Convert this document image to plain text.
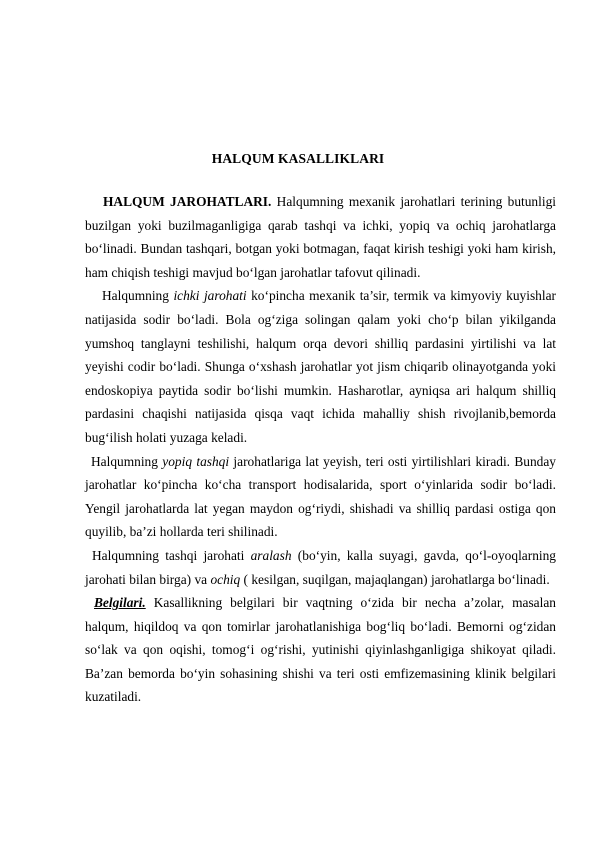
HALQUM KASALLIKLARI

HALQUM JAROHATLARI. Halqumning mexanik jarohatlari terining butunligi buzilgan yoki buzilmaganligiga qarab tashqi va ichki, yopiq va ochiq jarohatlarga bo‘linadi. Bundan tashqari, botgan yoki botmagan, faqat kirish teshigi yoki ham kirish, ham chiqish teshigi mavjud bo‘lgan jarohatlar tafovut qilinadi.

Halqumning ichki jarohati ko‘pincha mexanik ta’sir, termik va kimyoviy kuyishlar natijasida sodir bo‘ladi. Bola og‘ziga solingan qalam yoki cho‘p bilan yikilganda yumshoq tanglayni teshilishi, halqum orqa devori shilliq pardasini yirtilishi va lat yeyishi codir bo‘ladi. Shunga o‘xshash jarohatlar yot jism chiqarib olinayotganda yoki endoskopiya paytida sodir bo‘lishi mumkin. Hasharotlar, ayniqsa ari halqum shilliq pardasini chaqishi natijasida qisqa vaqt ichida mahalliy shish rivojlanib,bemorda bug‘ilish holati yuzaga keladi.

Halqumning yopiq tashqi jarohatlariga lat yeyish, teri osti yirtilishlari kiradi. Bunday jarohatlar ko‘pincha ko‘cha transport hodisalarida, sport o‘yinlarida sodir bo‘ladi. Yengil jarohatlarda lat yegan maydon og‘riydi, shishadi va shilliq pardasi ostiga qon quyilib, ba’zi hollarda teri shilinadi.

Halqumning tashqi jarohati aralash (bo‘yin, kalla suyagi, gavda, qo‘l-oyoqlarning jarohati bilan birga) va ochiq ( kesilgan, suqilgan, majaqlangan) jarohatlarga bo‘linadi.

Belgilari. Kasallikning belgilari bir vaqtning o‘zida bir necha a’zolar, masalan halqum, hiqildoq va qon tomirlar jarohatlanishiga bog‘liq bo‘ladi. Bemorni og‘zidan so‘lak va qon oqishi, tomog‘i og‘rishi, yutinishi qiyinlashganligiga shikoyat qiladi. Ba’zan bemorda bo‘yin sohasining shishi va teri osti emfizemasining klinik belgilari kuzatiladi.
